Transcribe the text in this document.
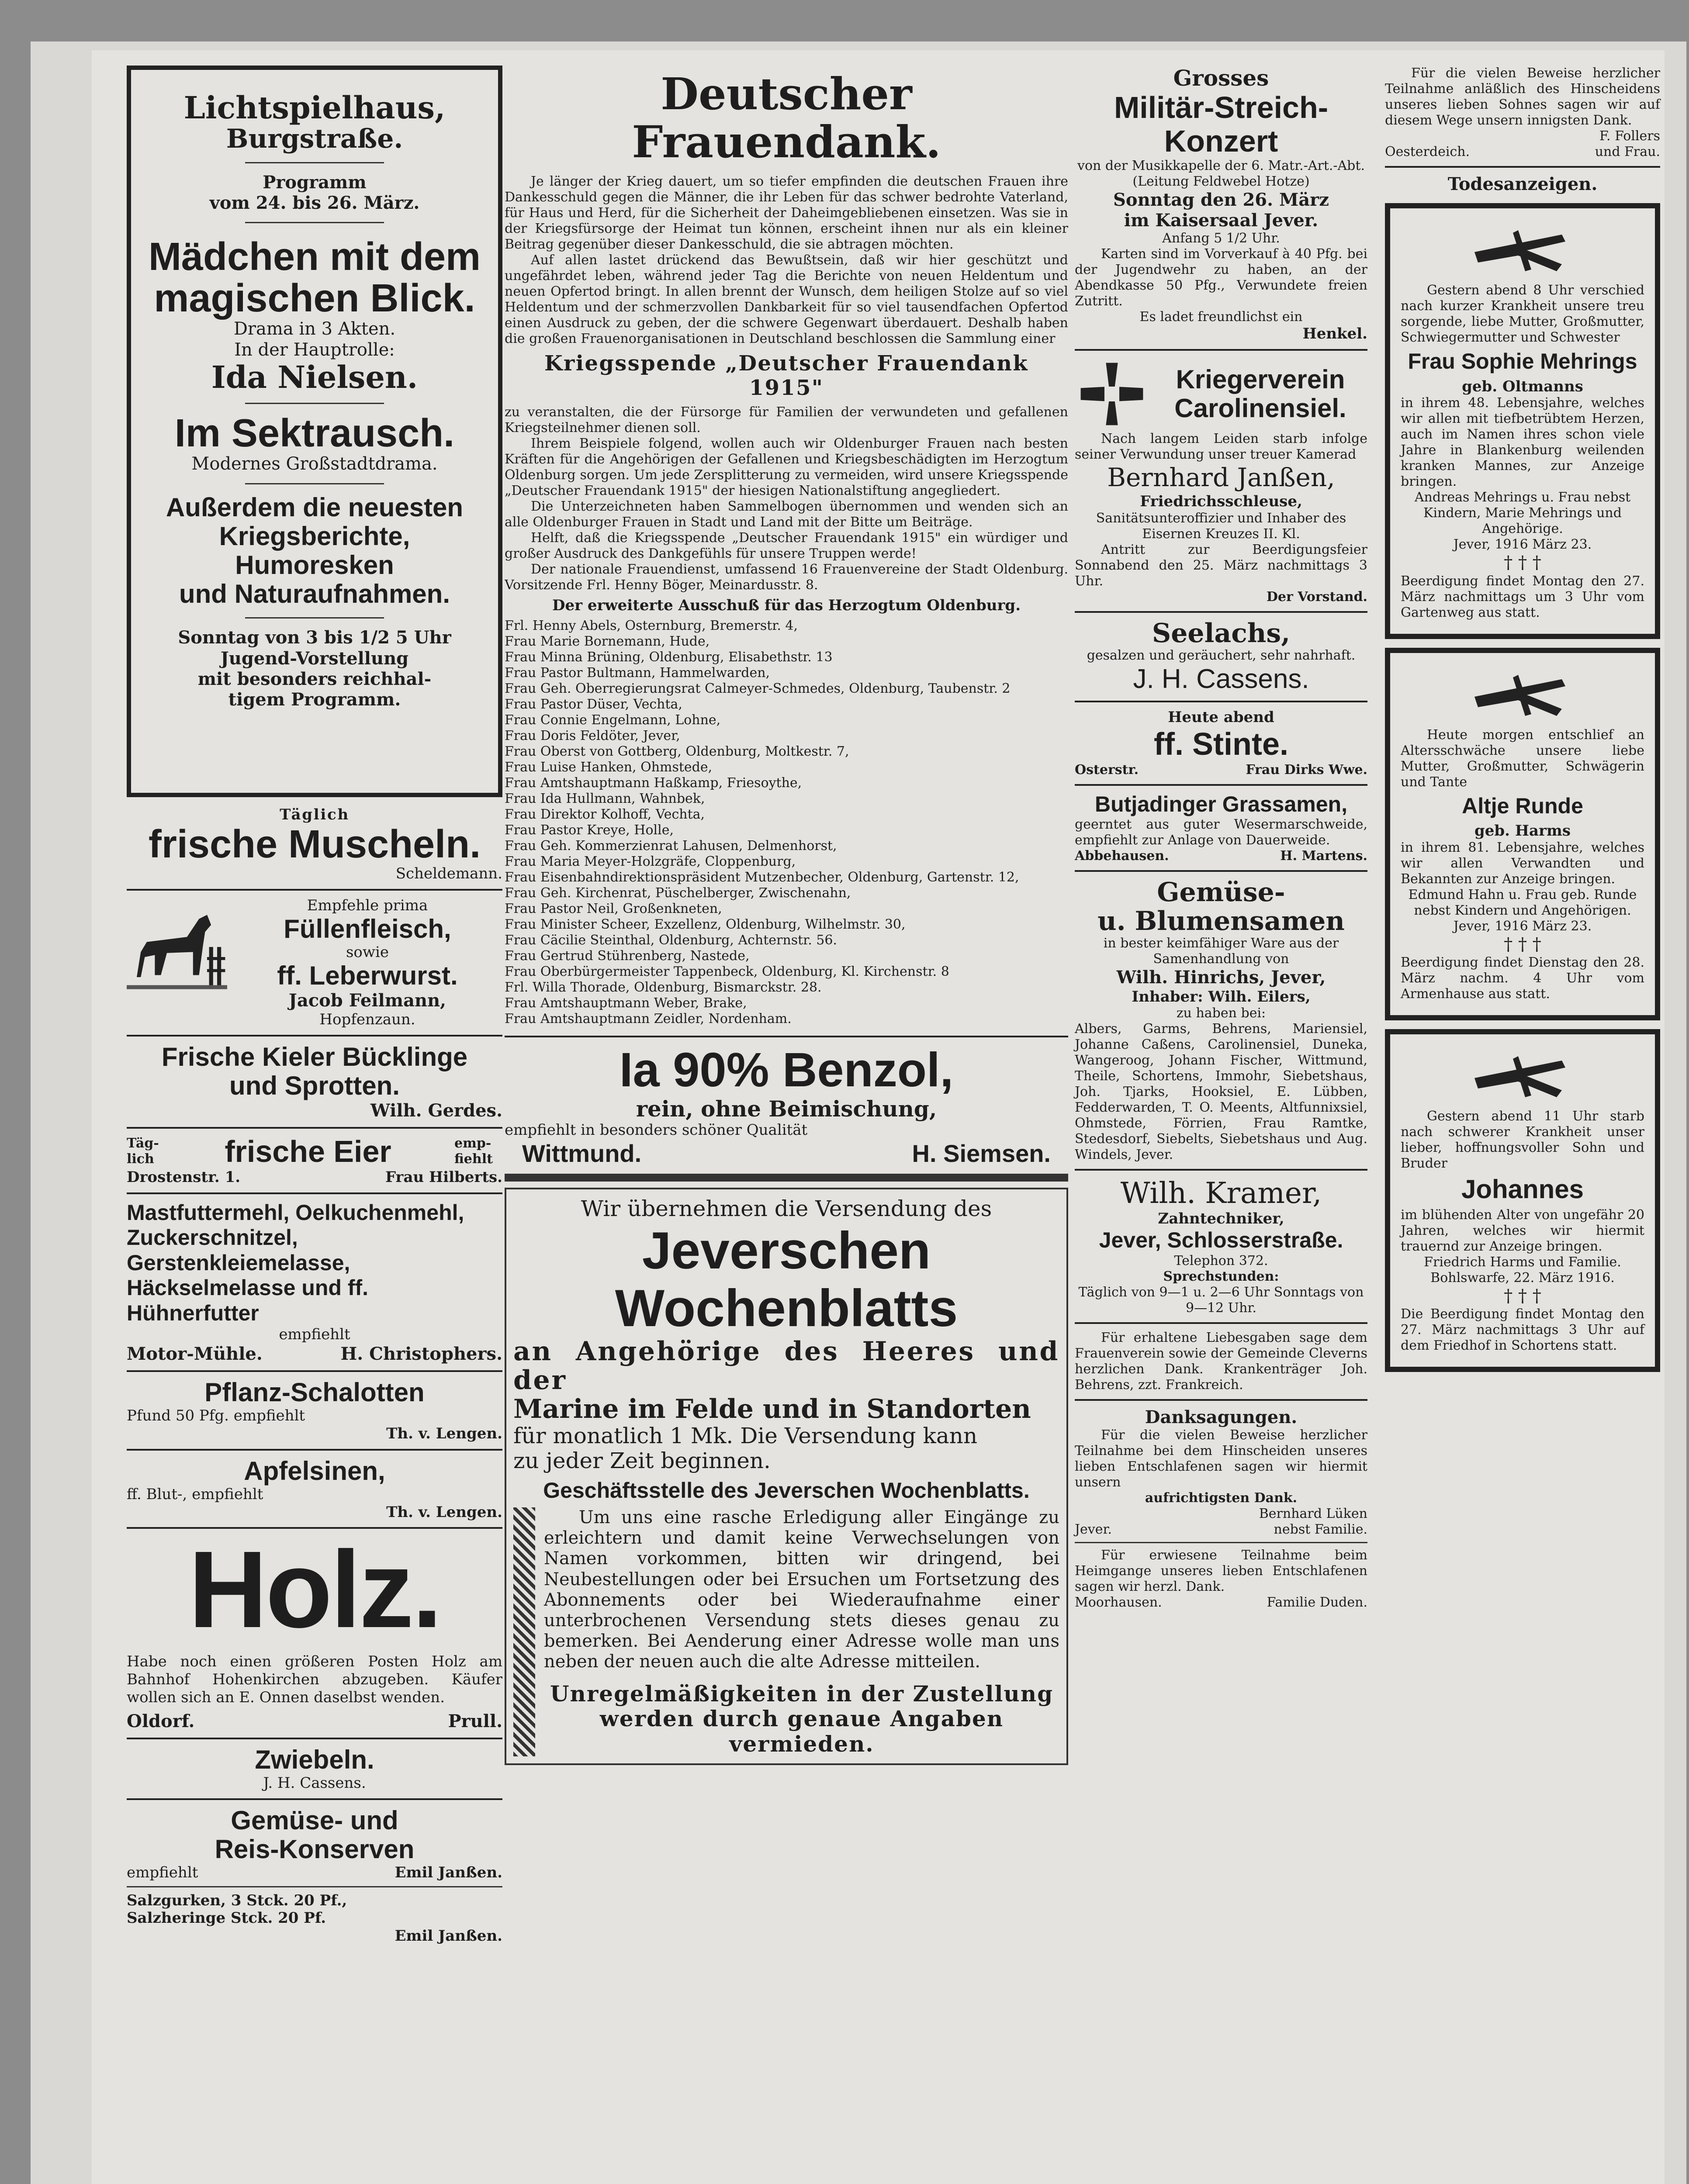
Lichtspielhaus,

Burgstraße.

Programm

vom 24. bis 26. März.

Mädchen mit dem

magischen Blick.

Drama in 3 Akten.

In der Hauptrolle:

Ida Nielsen.

Im Sektrausch.

Modernes Großstadtdrama.

Außerdem die neuesten

Kriegsberichte, Humoresken

und Naturaufnahmen.

Sonntag von 3 bis 1/2 5 Uhr

Jugend-Vorstellung

mit besonders reichhal-

tigem Programm.

Täglich

frische Muscheln.

Scheldemann.

Empfehle prima

Füllenfleisch,

sowie

ff. Leberwurst.

Jacob Feilmann,

Hopfenzaun.

Frische Kieler Bücklinge

und Sprotten.

Wilh. Gerdes.

Täg-lich frische Eier	emp-fiehlt

Drostenstr. 1.	Frau Hilberts.

Mastfuttermehl, Oelkuchenmehl,

Zuckerschnitzel, Gerstenkleiemelasse,

Häckselmelasse und ff. Hühnerfutter

empfiehlt

Motor-Mühle.	H. Christophers.

Pflanz-Schalotten

Pfund 50 Pfg. empfiehlt

Th. v. Lengen.

Apfelsinen,

ff. Blut-, empfiehlt

Th. v. Lengen.

Holz.

Habe noch einen größeren Posten Holz am Bahnhof Hohenkirchen abzugeben. Käufer wollen sich an E. Onnen daselbst wenden.

Oldorf.	Prull.

Zwiebeln.

J. H. Cassens.

Gemüse- und

Reis-Konserven

empfiehlt	Emil Janßen.

Salzgurken, 3 Stck. 20 Pf.,

Salzheringe Stck. 20 Pf.

Emil Janßen.

Deutscher Frauendank.

Je länger der Krieg dauert, um so tiefer empfinden die deutschen Frauen ihre Dankesschuld gegen die Männer, die ihr Leben für das schwer bedrohte Vaterland, für Haus und Herd, für die Sicherheit der Daheimgebliebenen einsetzen. Was sie in der Kriegsfürsorge der Heimat tun können, erscheint ihnen nur als ein kleiner Beitrag gegenüber dieser Dankesschuld, die sie abtragen möchten.

Auf allen lastet drückend das Bewußtsein, daß wir hier geschützt und ungefährdet leben, während jeder Tag die Berichte von neuen Heldentum und neuen Opfertod bringt. In allen brennt der Wunsch, dem heiligen Stolze auf so viel Heldentum und der schmerzvollen Dankbarkeit für so viel tausendfachen Opfertod einen Ausdruck zu geben, der die schwere Gegenwart überdauert. Deshalb haben die großen Frauenorganisationen in Deutschland beschlossen die Sammlung einer

Kriegsspende „Deutscher Frauendank 1915"

zu veranstalten, die der Fürsorge für Familien der verwundeten und gefallenen Kriegsteilnehmer dienen soll.

Ihrem Beispiele folgend, wollen auch wir Oldenburger Frauen nach besten Kräften für die Angehörigen der Gefallenen und Kriegsbeschädigten im Herzogtum Oldenburg sorgen. Um jede Zersplitterung zu vermeiden, wird unsere Kriegsspende „Deutscher Frauendank 1915" der hiesigen Nationalstiftung angegliedert.

Die Unterzeichneten haben Sammelbogen übernommen und wenden sich an alle Oldenburger Frauen in Stadt und Land mit der Bitte um Beiträge.

Helft, daß die Kriegsspende „Deutscher Frauendank 1915" ein würdiger und großer Ausdruck des Dankgefühls für unsere Truppen werde!

Der nationale Frauendienst, umfassend 16 Frauenvereine der Stadt Oldenburg. Vorsitzende Frl. Henny Böger, Meinardusstr. 8.

Der erweiterte Ausschuß für das Herzogtum Oldenburg.

Frl. Henny Abels, Osternburg, Bremerstr. 4,

Frau Marie Bornemann, Hude,

Frau Minna Brüning, Oldenburg, Elisabethstr. 13

Frau Pastor Bultmann, Hammelwarden,

Frau Geh. Oberregierungsrat Calmeyer-Schmedes, Oldenburg, Taubenstr. 2

Frau Pastor Düser, Vechta,

Frau Connie Engelmann, Lohne,

Frau Doris Feldöter, Jever,

Frau Oberst von Gottberg, Oldenburg, Moltkestr. 7,

Frau Luise Hanken, Ohmstede,

Frau Amtshauptmann Haßkamp, Friesoythe,

Frau Ida Hullmann, Wahnbek,

Frau Direktor Kolhoff, Vechta,

Frau Pastor Kreye, Holle,

Frau Geh. Kommerzienrat Lahusen, Delmenhorst,

Frau Maria Meyer-Holzgräfe, Cloppenburg,

Frau Eisenbahndirektionspräsident Mutzenbecher, Oldenburg, Gartenstr. 12,

Frau Geh. Kirchenrat, Püschelberger, Zwischenahn,

Frau Pastor Neil, Großenkneten,

Frau Minister Scheer, Exzellenz, Oldenburg, Wilhelmstr. 30,

Frau Cäcilie Steinthal, Oldenburg, Achternstr. 56.

Frau Gertrud Stührenberg, Nastede,

Frau Oberbürgermeister Tappenbeck, Oldenburg, Kl. Kirchenstr. 8

Frl. Willa Thorade, Oldenburg, Bismarckstr. 28.

Frau Amtshauptmann Weber, Brake,

Frau Amtshauptmann Zeidler, Nordenham.

Ia 90% Benzol,

rein, ohne Beimischung,

empfiehlt in besonders schöner Qualität

Wittmund.	H. Siemsen.

Wir übernehmen die Versendung des

Jeverschen Wochenblatts

an Angehörige des Heeres und der

Marine im Felde und in Standorten

für monatlich 1 Mk. Die Versendung kann

zu jeder Zeit beginnen.

Geschäftsstelle des Jeverschen Wochenblatts.

Um uns eine rasche Erledigung aller Eingänge zu erleichtern und damit keine Verwechselungen von Namen vorkommen, bitten wir dringend, bei Neubestellungen oder bei Ersuchen um Fortsetzung des Abonnements oder bei Wiederaufnahme einer unterbrochenen Versendung stets dieses genau zu bemerken. Bei Aenderung einer Adresse wolle man uns neben der neuen auch die alte Adresse mitteilen.

Unregelmäßigkeiten in der Zustellung werden durch genaue Angaben vermieden.

Grosses

Militär-Streich-Konzert

von der Musikkapelle der 6. Matr.-Art.-Abt. (Leitung Feldwebel Hotze)

Sonntag den 26. März

im Kaisersaal Jever.

Anfang 5 1/2 Uhr.

Karten sind im Vorverkauf à 40 Pfg. bei der Jugendwehr zu haben, an der Abendkasse 50 Pfg., Verwundete freien Zutritt.

Es ladet freundlichst ein

Henkel.

Kriegerverein

Carolinensiel.

Nach langem Leiden starb infolge seiner Verwundung unser treuer Kamerad

Bernhard Janßen,

Friedrichsschleuse,

Sanitätsunteroffizier und Inhaber des Eisernen Kreuzes II. Kl.

Antritt zur Beerdigungsfeier Sonnabend den 25. März nachmittags 3 Uhr.

Der Vorstand.

Seelachs,

gesalzen und geräuchert, sehr nahrhaft.

J. H. Cassens.

Heute abend

ff. Stinte.

Osterstr.	Frau Dirks Wwe.

Butjadinger Grassamen,

geerntet aus guter Wesermarschweide, empfiehlt zur Anlage von Dauerweide.

Abbehausen.	H. Martens.

Gemüse-

u. Blumensamen

in bester keimfähiger Ware aus der Samenhandlung von

Wilh. Hinrichs, Jever,

Inhaber: Wilh. Eilers,

zu haben bei:

Albers, Garms, Behrens, Mariensiel, Johanne Caßens, Carolinensiel, Duneka, Wangeroog, Johann Fischer, Wittmund, Theile, Schortens, Immohr, Siebetshaus, Joh. Tjarks, Hooksiel, E. Lübben, Fedderwarden, T. O. Meents, Altfunnixsiel, Ohmstede, Förrien, Frau Ramtke, Stedesdorf, Siebelts, Siebetshaus und Aug. Windels, Jever.

Wilh. Kramer,

Zahntechniker,

Jever, Schlosserstraße.

Telephon 372.

Sprechstunden:

Täglich von 9—1 u. 2—6 Uhr Sonntags von 9—12 Uhr.

Für erhaltene Liebesgaben sage dem Frauenverein sowie der Gemeinde Cleverns herzlichen Dank. Krankenträger Joh. Behrens, zzt. Frankreich.

Danksagungen.

Für die vielen Beweise herzlicher Teilnahme bei dem Hinscheiden unseres lieben Entschlafenen sagen wir hiermit unsern

aufrichtigsten Dank.

Bernhard Lüken

Jever.	nebst Familie.

Für erwiesene Teilnahme beim Heimgange unseres lieben Entschlafenen sagen wir herzl. Dank.

Moorhausen.	Familie Duden.

Für die vielen Beweise herzlicher Teilnahme anläßlich des Hinscheidens unseres lieben Sohnes sagen wir auf diesem Wege unsern innigsten Dank.

F. Follers

Oesterdeich.	und Frau.

Todesanzeigen.

Gestern abend 8 Uhr verschied nach kurzer Krankheit unsere treu sorgende, liebe Mutter, Großmutter, Schwiegermutter und Schwester

Frau Sophie Mehrings

geb. Oltmanns

in ihrem 48. Lebensjahre, welches wir allen mit tiefbetrübtem Herzen, auch im Namen ihres schon viele Jahre in Blankenburg weilenden kranken Mannes, zur Anzeige bringen.

Andreas Mehrings u. Frau nebst Kindern, Marie Mehrings und Angehörige.

Jever, 1916 März 23.

† † †

Beerdigung findet Montag den 27. März nachmittags um 3 Uhr vom Gartenweg aus statt.

Heute morgen entschlief an Altersschwäche unsere liebe Mutter, Großmutter, Schwägerin und Tante

Altje Runde

geb. Harms

in ihrem 81. Lebensjahre, welches wir allen Verwandten und Bekannten zur Anzeige bringen.

Edmund Hahn u. Frau geb. Runde nebst Kindern und Angehörigen.

Jever, 1916 März 23.

† † †

Beerdigung findet Dienstag den 28. März nachm. 4 Uhr vom Armenhause aus statt.

Gestern abend 11 Uhr starb nach schwerer Krankheit unser lieber, hoffnungsvoller Sohn und Bruder

Johannes

im blühenden Alter von ungefähr 20 Jahren, welches wir hiermit trauernd zur Anzeige bringen.

Friedrich Harms und Familie.

Bohlswarfe, 22. März 1916.

† † †

Die Beerdigung findet Montag den 27. März nachmittags 3 Uhr auf dem Friedhof in Schortens statt.
